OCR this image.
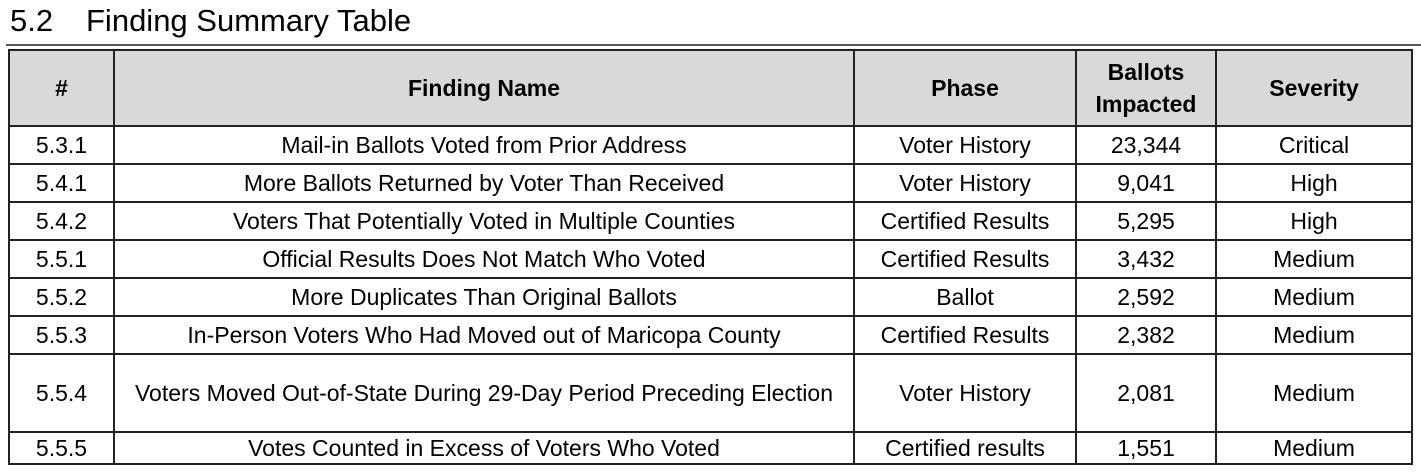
5.2	Finding Summary Table
#	Finding Name	Phase	Ballots Impacted	Severity
5.3.1	Mail-in Ballots Voted from Prior Address	Voter History	23,344	Critical
5.4.1	More Ballots Returned by Voter Than Received	Voter History	9,041	High
5.4.2	Voters That Potentially Voted in Multiple Counties	Certified Results	5,295	High
5.5.1	Official Results Does Not Match Who Voted	Certified Results	3,432	Medium
5.5.2	More Duplicates Than Original Ballots	Ballot	2,592	Medium
5.5.3	In-Person Voters Who Had Moved out of Maricopa County	Certified Results	2,382	Medium
5.5.4	Voters Moved Out-of-State During 29-Day Period Preceding Election	Voter History	2,081	Medium
5.5.5	Votes Counted in Excess of Voters Who Voted	Certified results	1,551	Medium
